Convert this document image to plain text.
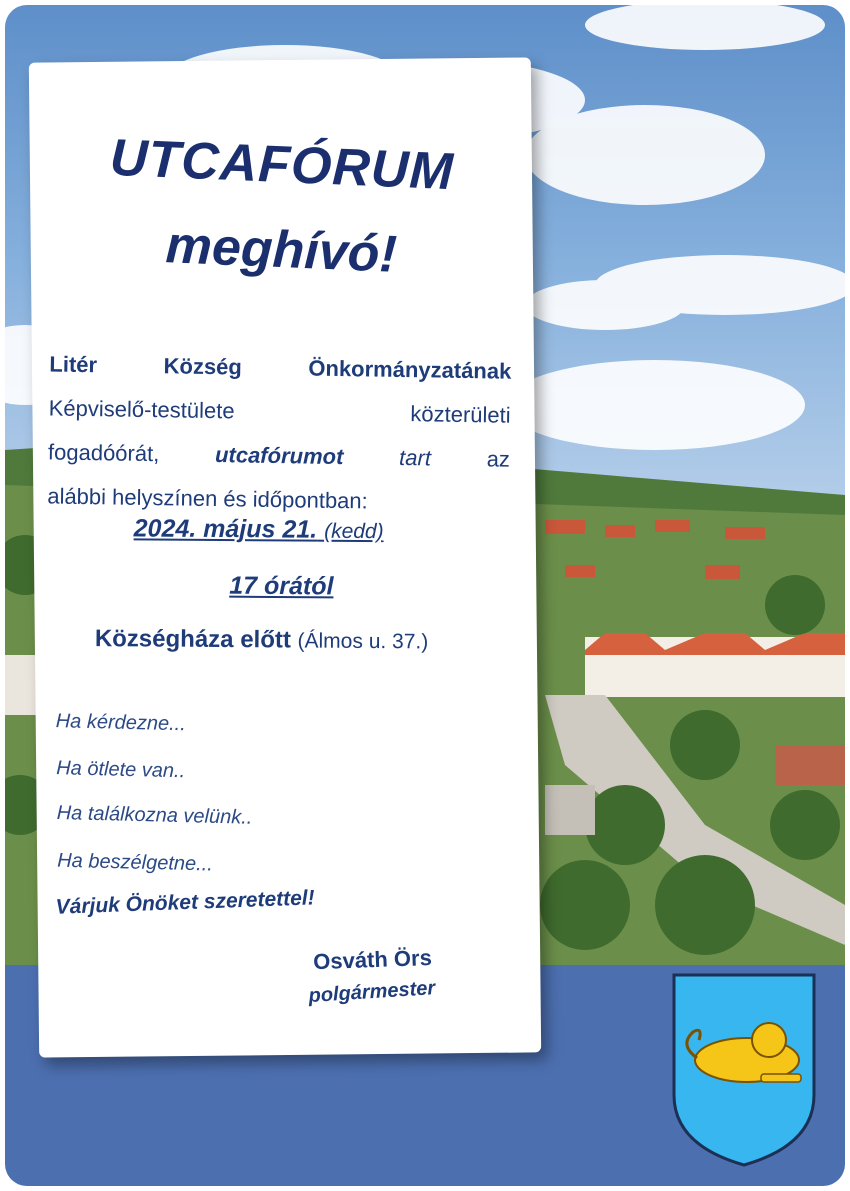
UTCAFÓRUM
meghívó!
Litér	Község	Önkormányzatának
Képviselő-testülete	közterületi
fogadóórát,	utcafórumot	tart	az
alábbi helyszínen és időpontban:
2024. május 21. (kedd)
17 órától
Községháza előtt (Álmos u. 37.)
Ha kérdezne...
Ha ötlete van..
Ha találkozna velünk..
Ha beszélgetne...
Várjuk Önöket szeretettel!
Osváth Örs
polgármester
